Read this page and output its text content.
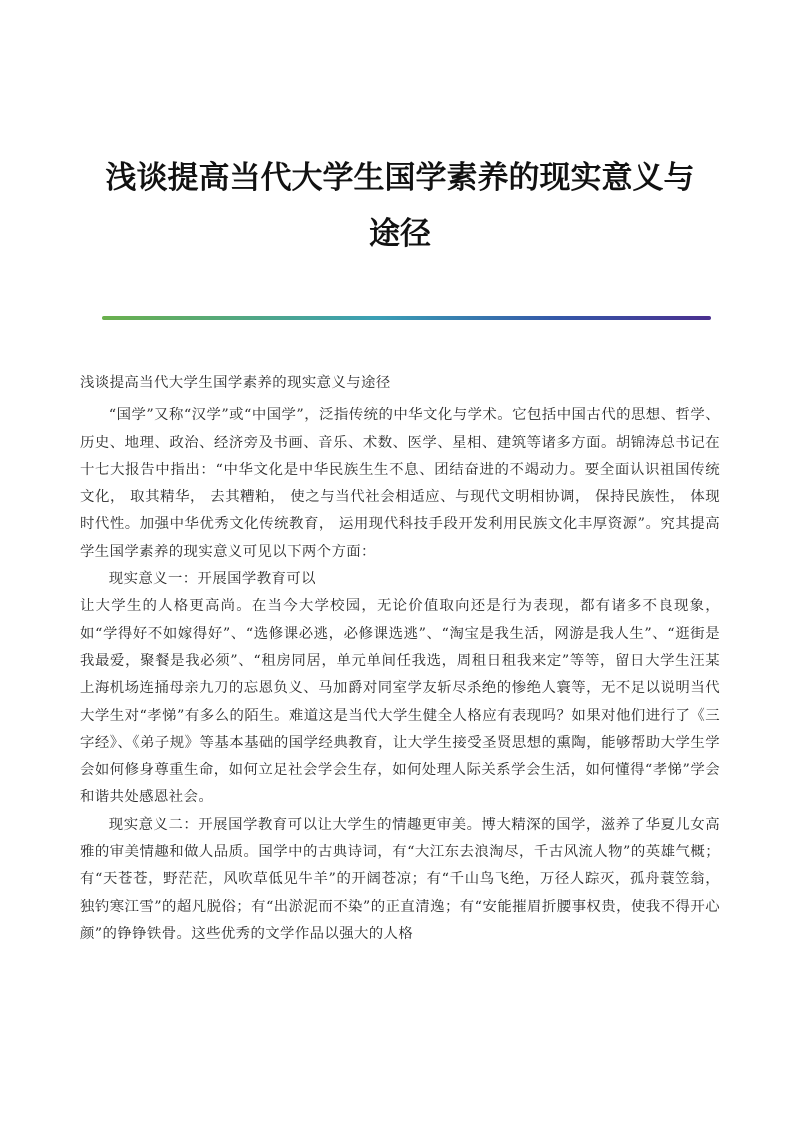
浅谈提高当代大学生国学素养的现实意义与
途径

浅谈提高当代大学生国学素养的现实意义与途径

“国学”又称“汉学”或“中国学”，泛指传统的中华文化与学术。它包括中国古代的思想、哲学、历史、地理、政治、经济旁及书画、音乐、术数、医学、星相、建筑等诸多方面。胡锦涛总书记在十七大报告中指出：“中华文化是中华民族生生不息、团结奋进的不竭动力。要全面认识祖国传统文化， 取其精华， 去其糟粕， 使之与当代社会相适应、与现代文明相协调， 保持民族性， 体现时代性。加强中华优秀文化传统教育， 运用现代科技手段开发利用民族文化丰厚资源”。究其提高学生国学素养的现实意义可见以下两个方面：

现实意义一：开展国学教育可以

让大学生的人格更高尚。在当今大学校园，无论价值取向还是行为表现，都有诸多不良现象，如“学得好不如嫁得好”、“选修课必逃，必修课选逃”、“淘宝是我生活，网游是我人生”、“逛街是我最爱，聚餐是我必须”、“租房同居，单元单间任我选，周租日租我来定”等等，留日大学生汪某上海机场连捅母亲九刀的忘恩负义、马加爵对同室学友斩尽杀绝的惨绝人寰等，无不足以说明当代大学生对“孝悌”有多么的陌生。难道这是当代大学生健全人格应有表现吗？如果对他们进行了《三字经》、《弟子规》等基本基础的国学经典教育，让大学生接受圣贤思想的熏陶，能够帮助大学生学会如何修身尊重生命，如何立足社会学会生存，如何处理人际关系学会生活，如何懂得“孝悌”学会和谐共处感恩社会。

现实意义二：开展国学教育可以让大学生的情趣更审美。博大精深的国学，滋养了华夏儿女高雅的审美情趣和做人品质。国学中的古典诗词，有“大江东去浪淘尽，千古风流人物”的英雄气概；有“天苍苍，野茫茫，风吹草低见牛羊”的开阔苍凉；有“千山鸟飞绝，万径人踪灭，孤舟蓑笠翁，独钓寒江雪”的超凡脱俗；有“出淤泥而不染”的正直清逸；有“安能摧眉折腰事权贵，使我不得开心颜”的铮铮铁骨。这些优秀的文学作品以强大的人格
